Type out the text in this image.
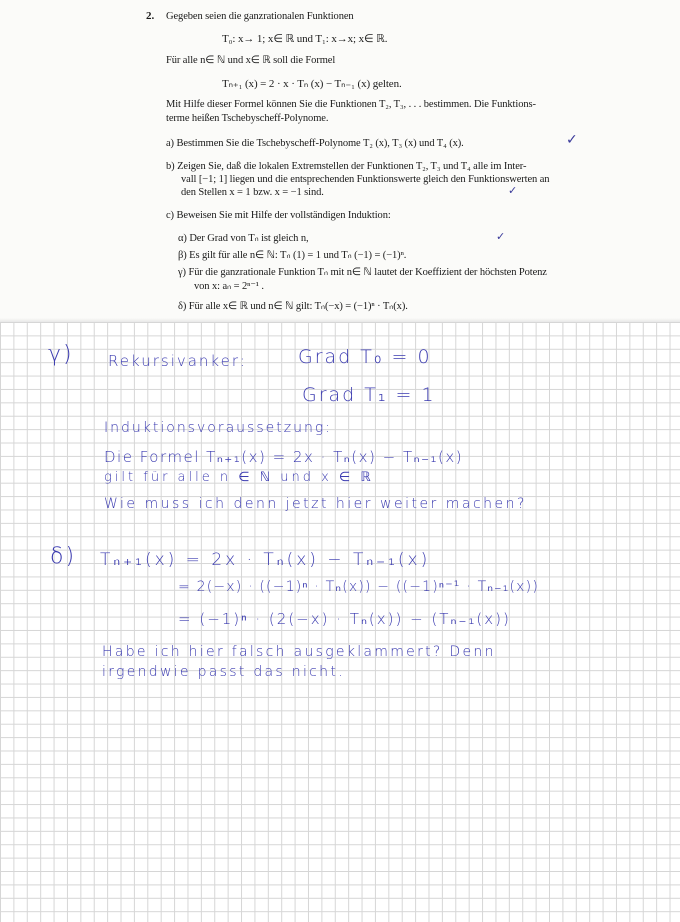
2. Gegeben seien die ganzrationalen Funktionen
T₀: x→ 1; x∈ ℝ und T₁: x→x; x∈ ℝ.
Für alle n∈ ℕ und x∈ ℝ soll die Formel
Tₙ₊₁ (x) = 2 · x · Tₙ (x) − Tₙ₋₁ (x) gelten.
Mit Hilfe dieser Formel können Sie die Funktionen T₂, T₃, . . . bestimmen. Die Funktions-
terme heißen Tschebyscheff-Polynome.
a) Bestimmen Sie die Tschebyscheff-Polynome T₂ (x), T₃ (x) und T₄ (x).	✓
b) Zeigen Sie, daß die lokalen Extremstellen der Funktionen T₂, T₃ und T₄ alle im Inter-
vall [−1; 1] liegen und die entsprechenden Funktionswerte gleich den Funktionswerten an
den Stellen x = 1 bzw. x = −1 sind.	✓
c) Beweisen Sie mit Hilfe der vollständigen Induktion:
α) Der Grad von Tₙ ist gleich n,
β) Es gilt für alle n∈ ℕ: Tₙ (1) = 1 und Tₙ (−1) = (−1)ⁿ.
✓
γ) Für die ganzrationale Funktion Tₙ mit n∈ ℕ lautet der Koeffizient der höchsten Potenz
von x: aₙ = 2ⁿ⁻¹ .
δ) Für alle x∈ ℝ und n∈ ℕ gilt: Tₙ(−x) = (−1)ⁿ · Tₙ(x).
γ) Rekursivanker:	Grad T₀ = 0
Grad T₁ = 1
Induktionsvoraussetzung:
Die Formel Tₙ₊₁(x) = 2x · Tₙ(x) − Tₙ₋₁(x)
gilt für alle n ∈ ℕ und x ∈ ℝ
Wie muss ich denn jetzt hier weiter machen?
δ) Tₙ₊₁(x) = 2x · Tₙ(x) − Tₙ₋₁(x)
= 2(−x) · ((−1)ⁿ · Tₙ(x)) − ((−1)ⁿ⁻¹ · Tₙ₋₁(x))
= (−1)ⁿ · (2(−x) · Tₙ(x)) − (Tₙ₋₁(x))
Habe ich hier falsch ausgeklammert? Denn
irgendwie passt das nicht.
